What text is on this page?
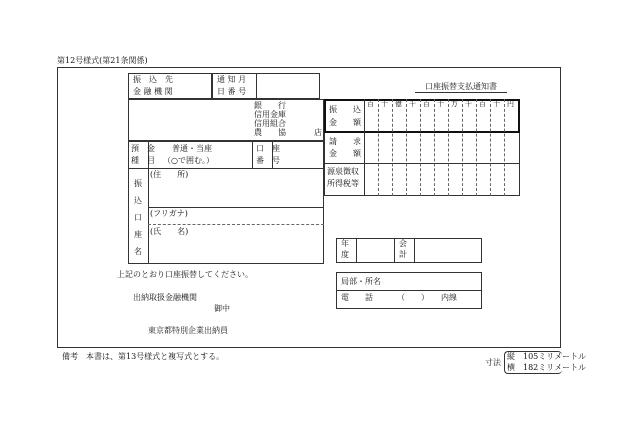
第12号様式(第21条関係)
振　込　先
金 融 機 関
通 知 月
日 番 号
銀　　行
信用金庫
信用組合
農　　協	店
口座振替支払通知書
振　　込
金　　額
請　　求
金　　額
源泉徴収
所得税等
百 十 億 千 百 十 万 千 百 十 円
預　金
種　目
普通・当座
（○で囲む。）
口　座
番　号
振
込
口
座
名
(住　　所)
(フリガナ)
(氏　　名)
年
度
会
計
上記のとおり口座振替してください。
出納取扱金融機関
御中
東京都特別企業出納員
局部・所名
電　　話	（　　）　　内線
備考　本書は、第13号様式と複写式とする。
寸法
縦　105ミリメートル
横　182ミリメートル
